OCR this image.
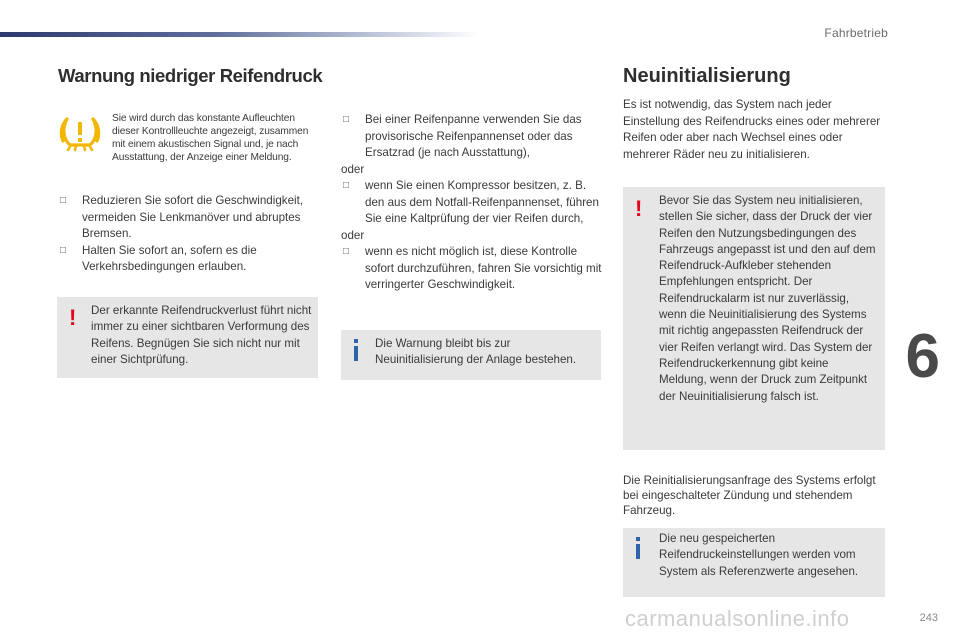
Fahrbetrieb
6
243
carmanualsonline.info
Warnung niedriger Reifendruck
Sie wird durch das konstante Aufleuchten dieser Kontrollleuchte angezeigt, zusammen mit einem akustischen Signal und, je nach Ausstattung, der Anzeige einer Meldung.
□ Reduzieren Sie sofort die Geschwindigkeit, vermeiden Sie Lenkmanöver und abruptes Bremsen.
□ Halten Sie sofort an, sofern es die Verkehrsbedingungen erlauben.
! Der erkannte Reifendruckverlust führt nicht immer zu einer sichtbaren Verformung des Reifens. Begnügen Sie sich nicht nur mit einer Sichtprüfung.
□ Bei einer Reifenpanne verwenden Sie das provisorische Reifenpannenset oder das Ersatzrad (je nach Ausstattung),
oder
□ wenn Sie einen Kompressor besitzen, z. B. den aus dem Notfall-Reifenpannenset, führen Sie eine Kaltprüfung der vier Reifen durch,
oder
□ wenn es nicht möglich ist, diese Kontrolle sofort durchzuführen, fahren Sie vorsichtig mit verringerter Geschwindigkeit.
Die Warnung bleibt bis zur Neuinitialisierung der Anlage bestehen.
Neuinitialisierung
Es ist notwendig, das System nach jeder Einstellung des Reifendrucks eines oder mehrerer Reifen oder aber nach Wechsel eines oder mehrerer Räder neu zu initialisieren.
! Bevor Sie das System neu initialisieren, stellen Sie sicher, dass der Druck der vier Reifen den Nutzungsbedingungen des Fahrzeugs angepasst ist und den auf dem Reifendruck-Aufkleber stehenden Empfehlungen entspricht. Der Reifendruckalarm ist nur zuverlässig, wenn die Neuinitialisierung des Systems mit richtig angepassten Reifendruck der vier Reifen verlangt wird. Das System der Reifendruckerkennung gibt keine Meldung, wenn der Druck zum Zeitpunkt der Neuinitialisierung falsch ist.
Die Reinitialisierungsanfrage des Systems erfolgt bei eingeschalteter Zündung und stehendem Fahrzeug.
Die neu gespeicherten Reifendruckeinstellungen werden vom System als Referenzwerte angesehen.
